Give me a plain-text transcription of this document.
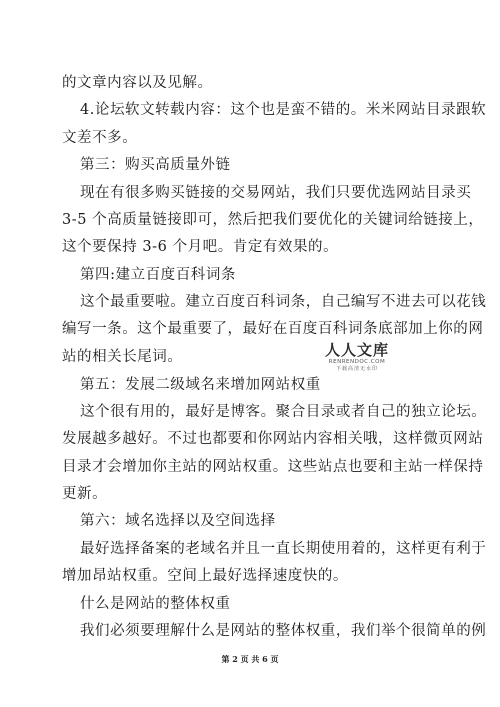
的文章内容以及见解。
4.论坛软文转载内容：这个也是蛮不错的。米米网站目录跟软
文差不多。
第三：购买高质量外链
现在有很多购买链接的交易网站，我们只要优选网站目录买
3-5 个高质量链接即可，然后把我们要优化的关键词给链接上，
这个要保持 3-6 个月吧。肯定有效果的。
第四:建立百度百科词条
这个最重要啦。建立百度百科词条，自己编写不进去可以花钱
编写一条。这个最重要了，最好在百度百科词条底部加上你的网
站的相关长尾词。
第五：发展二级域名来增加网站权重
这个很有用的，最好是博客。聚合目录或者自己的独立论坛。
发展越多越好。不过也都要和你网站内容相关哦，这样微页网站
目录才会增加你主站的网站权重。这些站点也要和主站一样保持
更新。
第六：域名选择以及空间选择
最好选择备案的老域名并且一直长期使用着的，这样更有利于
增加昂站权重。空间上最好选择速度快的。
什么是网站的整体权重
我们必须要理解什么是网站的整体权重，我们举个很简单的例
人人文库
RENRENDOC.COM
下载高清无水印
第 2 页 共 6 页
